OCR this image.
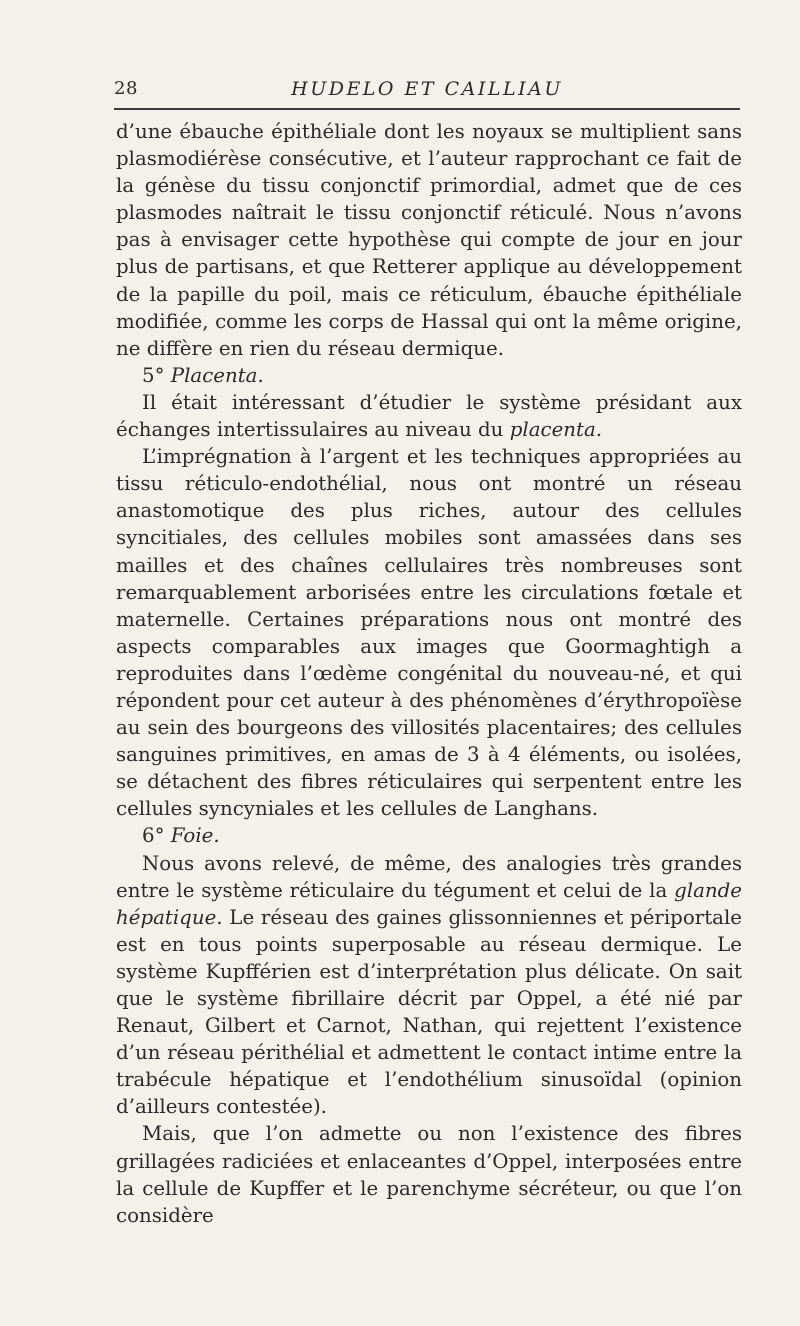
28	HUDELO ET CAILLIAU

d’une ébauche épithéliale dont les noyaux se multiplient sans plasmodiérèse consécutive, et l’auteur rapprochant ce fait de la génèse du tissu conjonctif primordial, admet que de ces plasmodes naîtrait le tissu conjonctif réticulé. Nous n’avons pas à envisager cette hypothèse qui compte de jour en jour plus de partisans, et que Retterer applique au développement de la papille du poil, mais ce réticulum, ébauche épithéliale modifiée, comme les corps de Hassal qui ont la même origine, ne diffère en rien du réseau dermique.

5° Placenta.

Il était intéressant d’étudier le système présidant aux échanges intertissulaires au niveau du placenta.

L’imprégnation à l’argent et les techniques appropriées au tissu réticulo-endothélial, nous ont montré un réseau anastomotique des plus riches, autour des cellules syncitiales, des cellules mobiles sont amassées dans ses mailles et des chaînes cellulaires très nombreuses sont remarquablement arborisées entre les circulations fœtale et maternelle. Certaines préparations nous ont montré des aspects comparables aux images que Goormaghtigh a reproduites dans l’œdème congénital du nouveau-né, et qui répondent pour cet auteur à des phénomènes d’érythropoïèse au sein des bourgeons des villosités placentaires; des cellules sanguines primitives, en amas de 3 à 4 éléments, ou isolées, se détachent des fibres réticulaires qui serpentent entre les cellules syncyniales et les cellules de Langhans.

6° Foie.

Nous avons relevé, de même, des analogies très grandes entre le système réticulaire du tégument et celui de la glande hépatique. Le réseau des gaines glissonniennes et périportale est en tous points superposable au réseau dermique. Le système Kupfférien est d’interprétation plus délicate. On sait que le système fibrillaire décrit par Oppel, a été nié par Renaut, Gilbert et Carnot, Nathan, qui rejettent l’existence d’un réseau périthélial et admettent le contact intime entre la trabécule hépatique et l’endothélium sinusoïdal (opinion d’ailleurs contestée).

Mais, que l’on admette ou non l’existence des fibres grillagées radiciées et enlaceantes d’Oppel, interposées entre la cellule de Kupffer et le parenchyme sécréteur, ou que l’on considère
